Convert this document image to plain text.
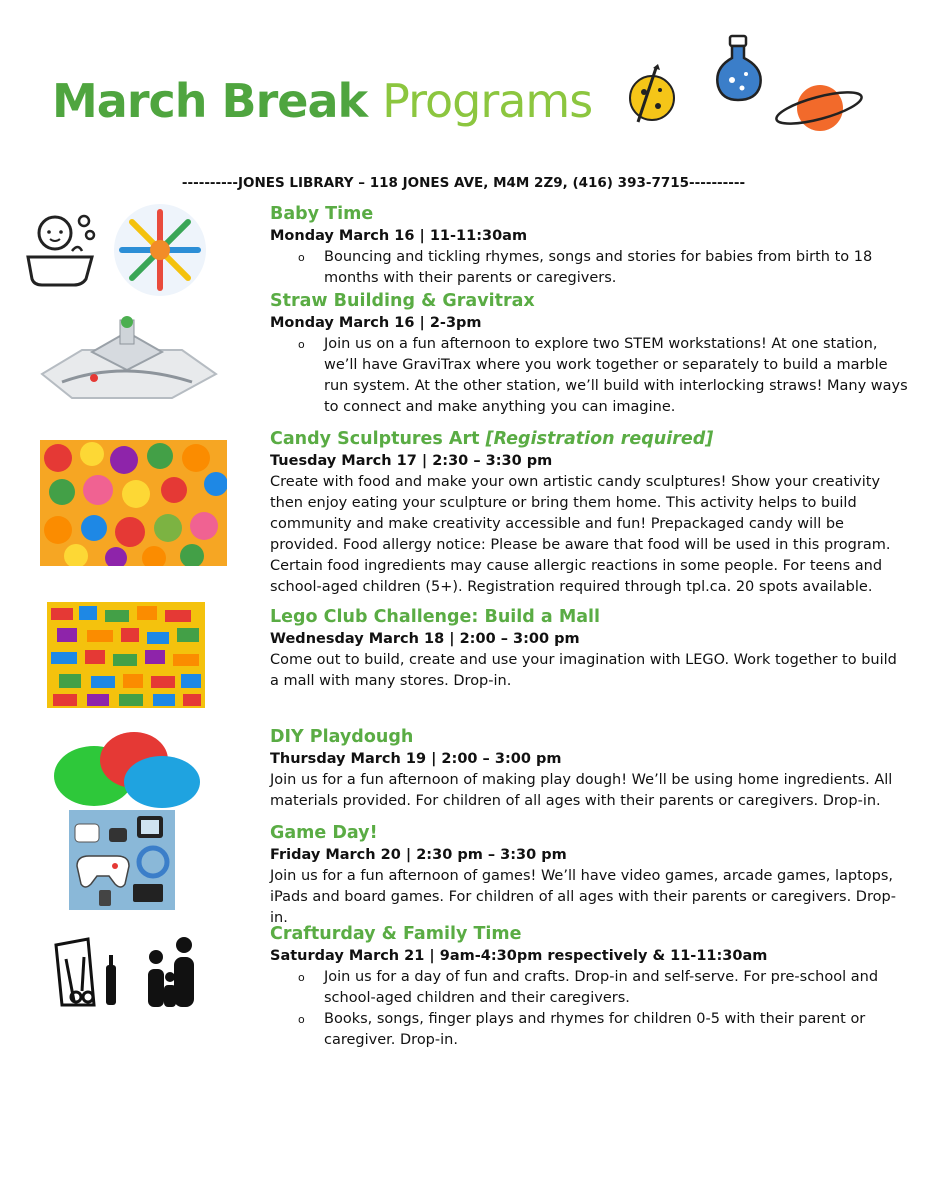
March Break Programs
----------JONES LIBRARY – 118 JONES AVE, M4M 2Z9, (416) 393-7715----------
Baby Time
Monday March 16 | 11-11:30am
o Bouncing and tickling rhymes, songs and stories for babies from birth to 18 months with their parents or caregivers.
Straw Building & Gravitrax
Monday March 16 | 2-3pm
o Join us on a fun afternoon to explore two STEM workstations! At one station, we’ll have GraviTrax where you work together or separately to build a marble run system. At the other station, we’ll build with interlocking straws! Many ways to connect and make anything you can imagine.
Candy Sculptures Art [Registration required]
Tuesday March 17 | 2:30 – 3:30 pm
Create with food and make your own artistic candy sculptures! Show your creativity then enjoy eating your sculpture or bring them home. This activity helps to build community and make creativity accessible and fun! Prepackaged candy will be provided. Food allergy notice: Please be aware that food will be used in this program. Certain food ingredients may cause allergic reactions in some people. For teens and school-aged children (5+). Registration required through tpl.ca. 20 spots available.
Lego Club Challenge: Build a Mall
Wednesday March 18 | 2:00 – 3:00 pm
Come out to build, create and use your imagination with LEGO. Work together to build a mall with many stores. Drop-in.
DIY Playdough
Thursday March 19 | 2:00 – 3:00 pm
Join us for a fun afternoon of making play dough! We’ll be using home ingredients. All materials provided. For children of all ages with their parents or caregivers. Drop-in.
Game Day!
Friday March 20 | 2:30 pm – 3:30 pm
Join us for a fun afternoon of games! We’ll have video games, arcade games, laptops, iPads and board games. For children of all ages with their parents or caregivers. Drop-in.
Crafturday & Family Time
Saturday March 21 | 9am-4:30pm respectively & 11-11:30am
o Join us for a day of fun and crafts. Drop-in and self-serve. For pre-school and school-aged children and their caregivers.
o Books, songs, finger plays and rhymes for children 0-5 with their parent or caregiver. Drop-in.
